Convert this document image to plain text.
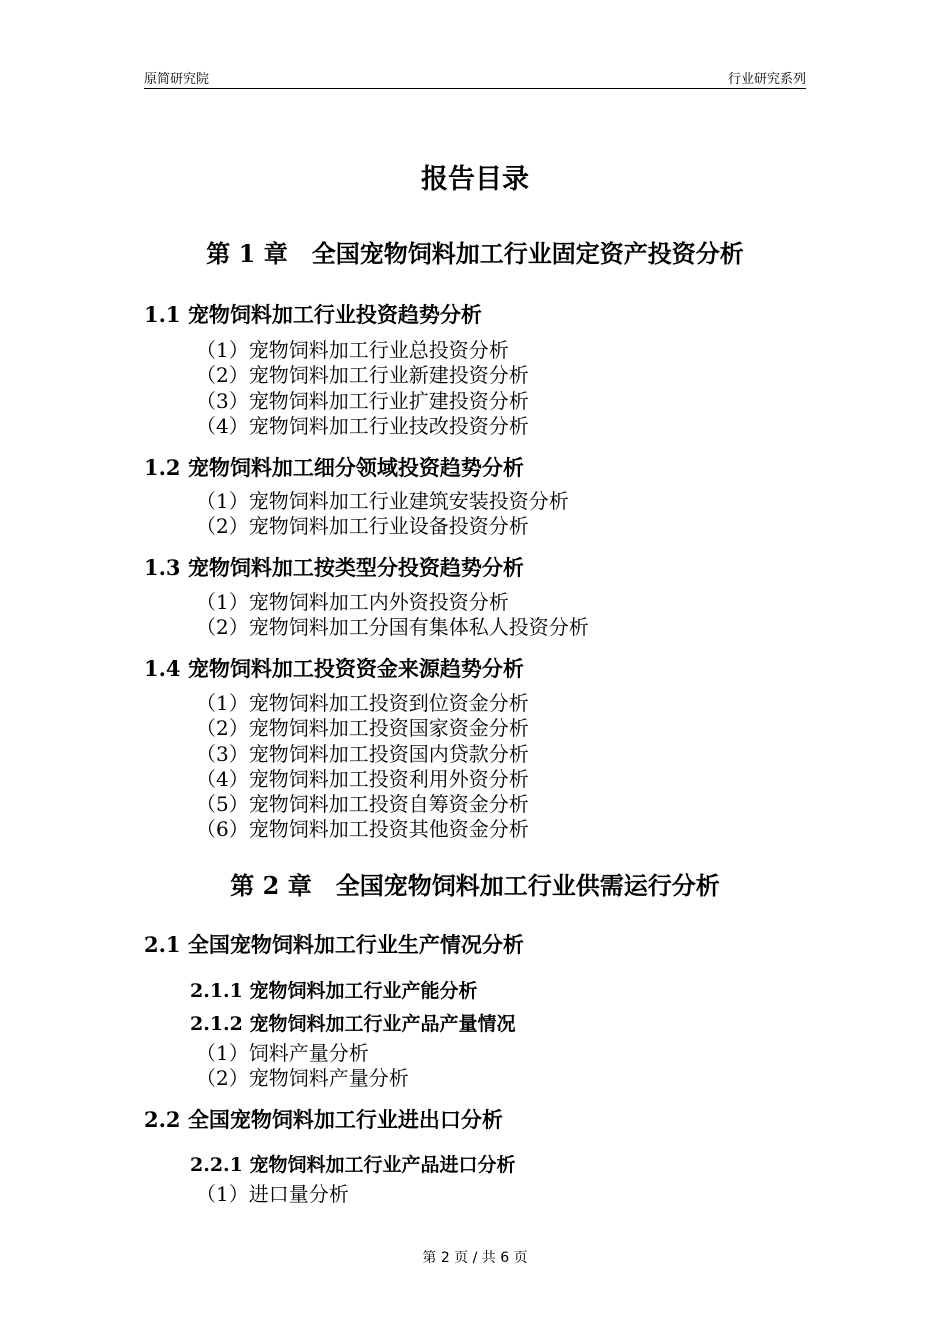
原简研究院	行业研究系列
报告目录
第 1 章　全国宠物饲料加工行业固定资产投资分析
1.1 宠物饲料加工行业投资趋势分析
（1）宠物饲料加工行业总投资分析
（2）宠物饲料加工行业新建投资分析
（3）宠物饲料加工行业扩建投资分析
（4）宠物饲料加工行业技改投资分析
1.2 宠物饲料加工细分领域投资趋势分析
（1）宠物饲料加工行业建筑安装投资分析
（2）宠物饲料加工行业设备投资分析
1.3 宠物饲料加工按类型分投资趋势分析
（1）宠物饲料加工内外资投资分析
（2）宠物饲料加工分国有集体私人投资分析
1.4 宠物饲料加工投资资金来源趋势分析
（1）宠物饲料加工投资到位资金分析
（2）宠物饲料加工投资国家资金分析
（3）宠物饲料加工投资国内贷款分析
（4）宠物饲料加工投资利用外资分析
（5）宠物饲料加工投资自筹资金分析
（6）宠物饲料加工投资其他资金分析
第 2 章　全国宠物饲料加工行业供需运行分析
2.1 全国宠物饲料加工行业生产情况分析
2.1.1 宠物饲料加工行业产能分析
2.1.2 宠物饲料加工行业产品产量情况
（1）饲料产量分析
（2）宠物饲料产量分析
2.2 全国宠物饲料加工行业进出口分析
2.2.1 宠物饲料加工行业产品进口分析
（1）进口量分析
第 2 页 / 共 6 页
